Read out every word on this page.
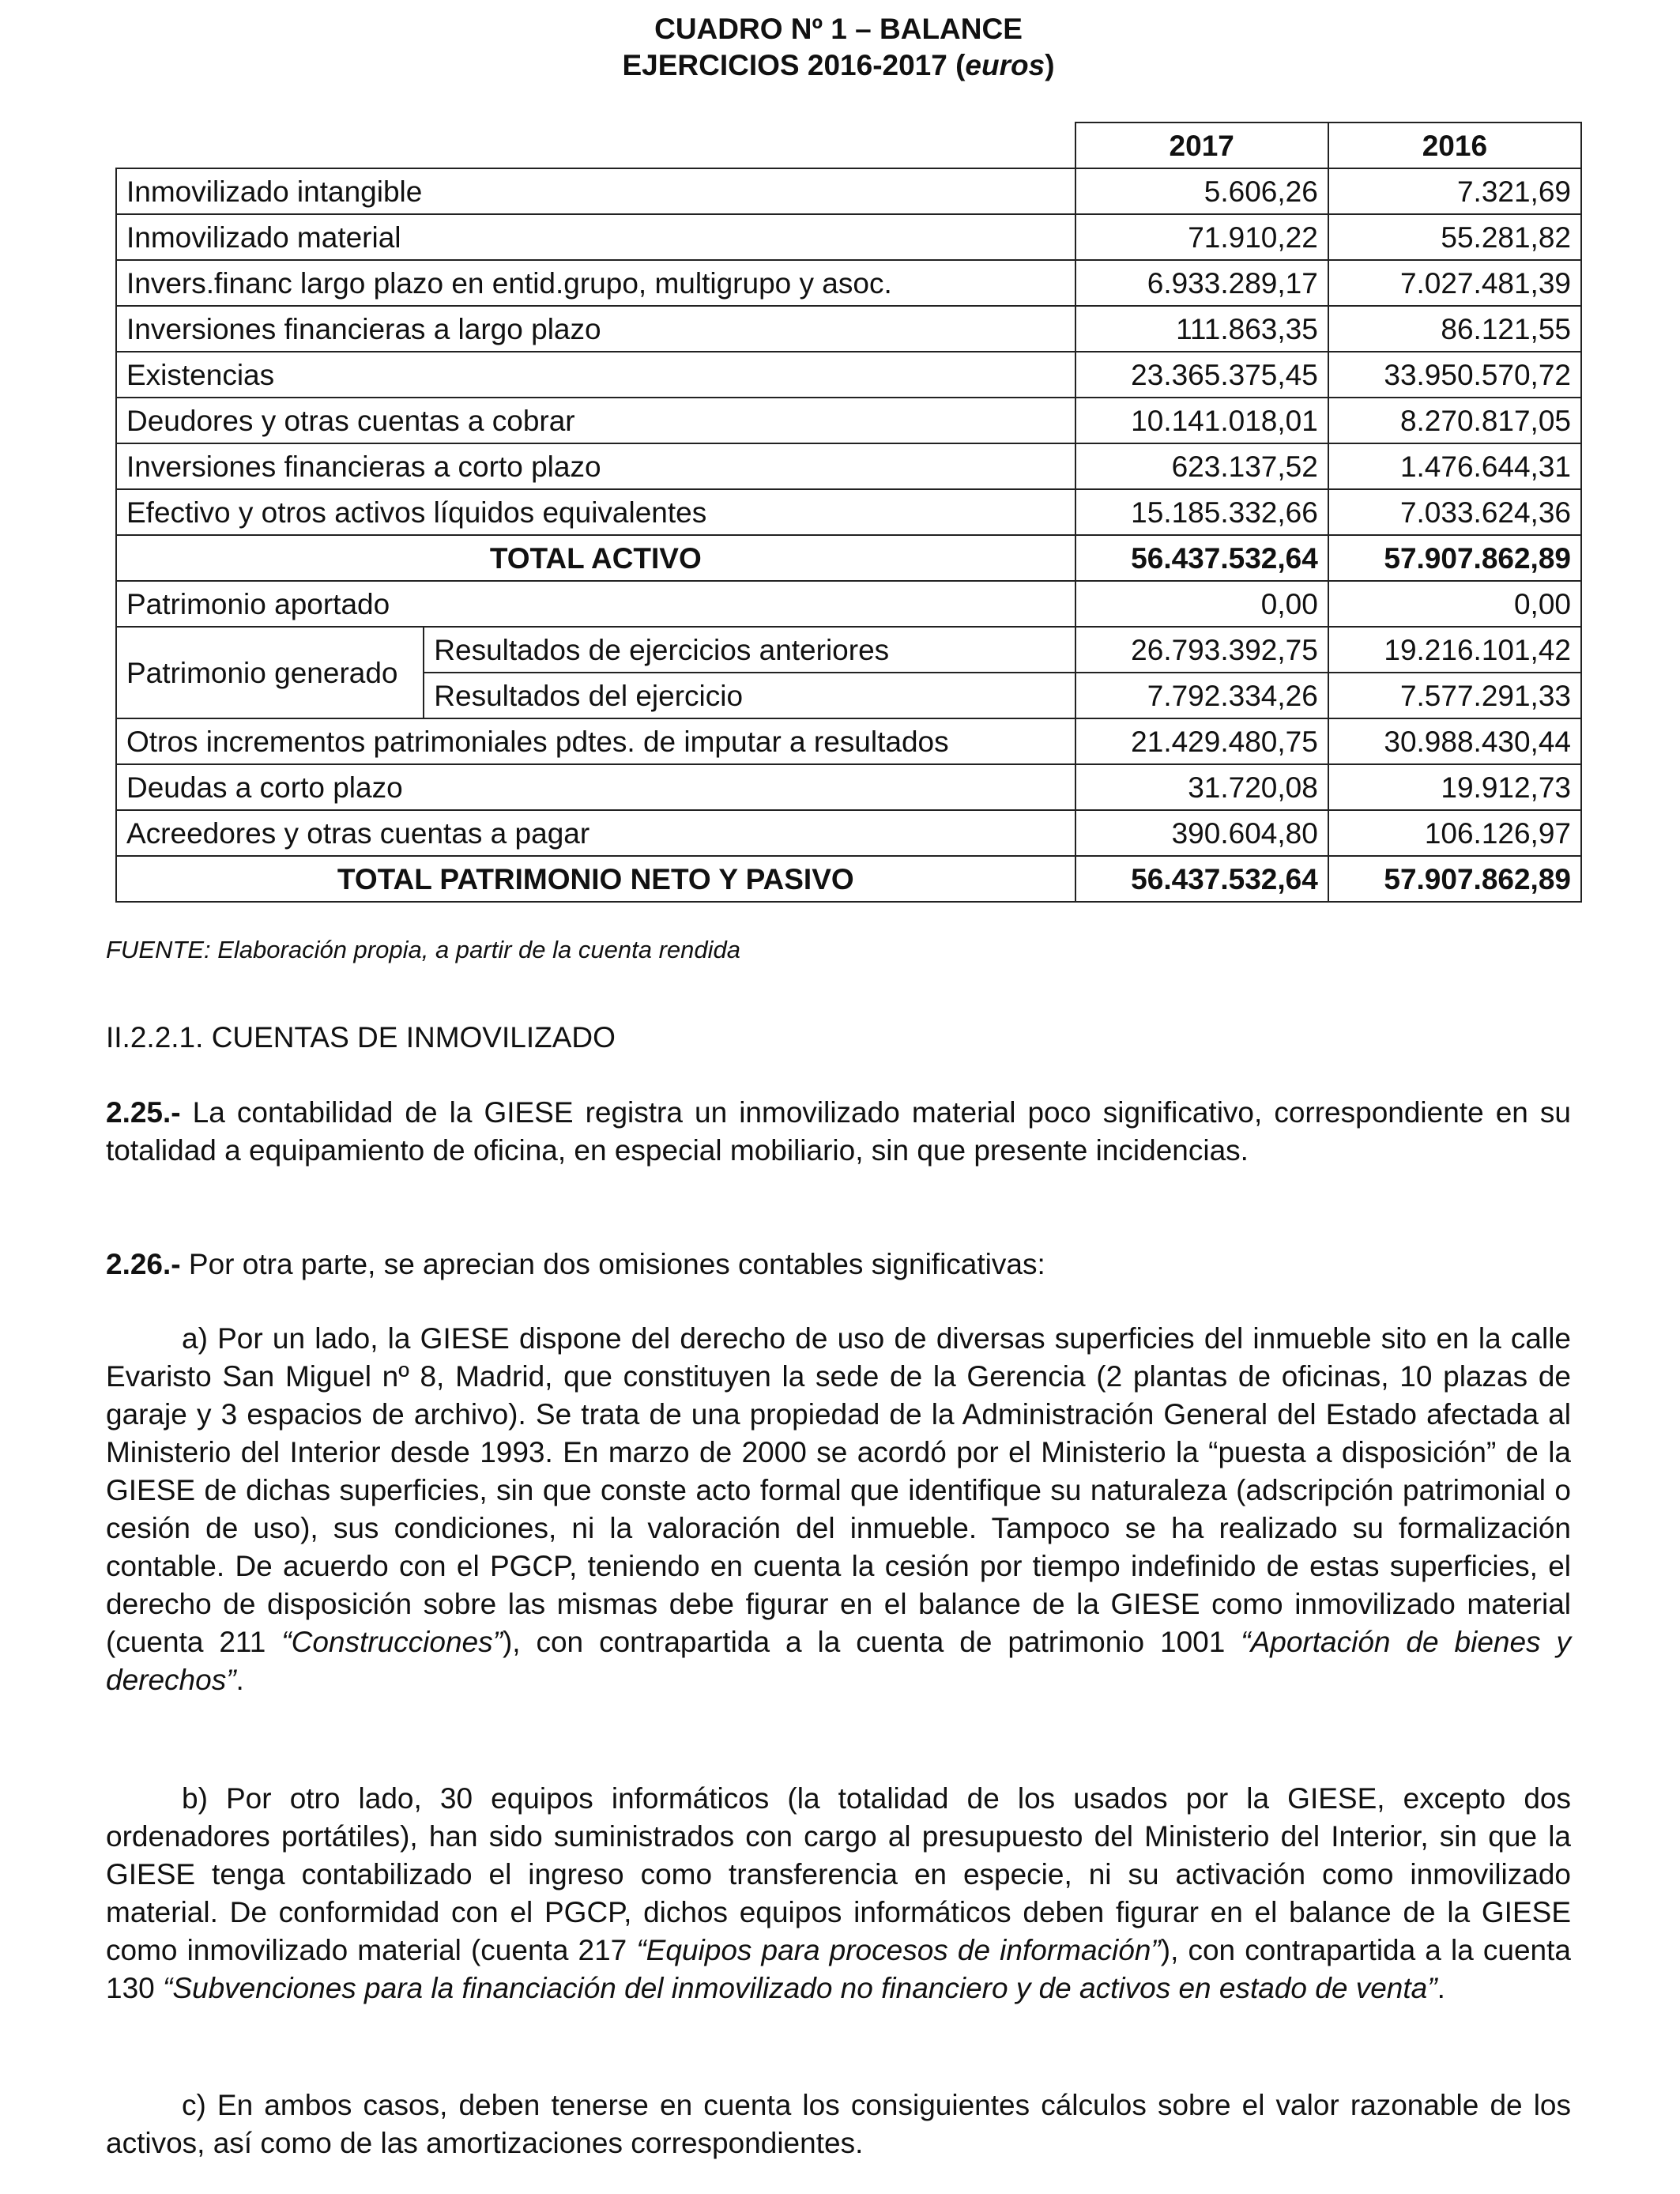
CUADRO Nº 1 – BALANCE
EJERCICIOS 2016-2017 (euros)
		2017	2016
Inmovilizado intangible		5.606,26	7.321,69
Inmovilizado material		71.910,22	55.281,82
Invers.financ largo plazo en entid.grupo, multigrupo y asoc.		6.933.289,17	7.027.481,39
Inversiones financieras a largo plazo		111.863,35	86.121,55
Existencias		23.365.375,45	33.950.570,72
Deudores y otras cuentas a cobrar		10.141.018,01	8.270.817,05
Inversiones financieras a corto plazo		623.137,52	1.476.644,31
Efectivo y otros activos líquidos equivalentes		15.185.332,66	7.033.624,36
TOTAL ACTIVO		56.437.532,64	57.907.862,89
Patrimonio aportado		0,00	0,00
Patrimonio generado	Resultados de ejercicios anteriores	26.793.392,75	19.216.101,42
	Resultados del ejercicio	7.792.334,26	7.577.291,33
Otros incrementos patrimoniales pdtes. de imputar a resultados		21.429.480,75	30.988.430,44
Deudas a corto plazo		31.720,08	19.912,73
Acreedores y otras cuentas a pagar		390.604,80	106.126,97
TOTAL PATRIMONIO NETO Y PASIVO		56.437.532,64	57.907.862,89
FUENTE: Elaboración propia, a partir de la cuenta rendida
II.2.2.1. CUENTAS DE INMOVILIZADO
2.25.- La contabilidad de la GIESE registra un inmovilizado material poco significativo, correspondiente en su totalidad a equipamiento de oficina, en especial mobiliario, sin que presente incidencias.
2.26.- Por otra parte, se aprecian dos omisiones contables significativas:
a) Por un lado, la GIESE dispone del derecho de uso de diversas superficies del inmueble sito en la calle Evaristo San Miguel nº 8, Madrid, que constituyen la sede de la Gerencia (2 plantas de oficinas, 10 plazas de garaje y 3 espacios de archivo). Se trata de una propiedad de la Administración General del Estado afectada al Ministerio del Interior desde 1993. En marzo de 2000 se acordó por el Ministerio la “puesta a disposición” de la GIESE de dichas superficies, sin que conste acto formal que identifique su naturaleza (adscripción patrimonial o cesión de uso), sus condiciones, ni la valoración del inmueble. Tampoco se ha realizado su formalización contable. De acuerdo con el PGCP, teniendo en cuenta la cesión por tiempo indefinido de estas superficies, el derecho de disposición sobre las mismas debe figurar en el balance de la GIESE como inmovilizado material (cuenta 211 “Construcciones”), con contrapartida a la cuenta de patrimonio 1001 “Aportación de bienes y derechos”.
b) Por otro lado, 30 equipos informáticos (la totalidad de los usados por la GIESE, excepto dos ordenadores portátiles), han sido suministrados con cargo al presupuesto del Ministerio del Interior, sin que la GIESE tenga contabilizado el ingreso como transferencia en especie, ni su activación como inmovilizado material. De conformidad con el PGCP, dichos equipos informáticos deben figurar en el balance de la GIESE como inmovilizado material (cuenta 217 “Equipos para procesos de información”), con contrapartida a la cuenta 130 “Subvenciones para la financiación del inmovilizado no financiero y de activos en estado de venta”.
c) En ambos casos, deben tenerse en cuenta los consiguientes cálculos sobre el valor razonable de los activos, así como de las amortizaciones correspondientes.
